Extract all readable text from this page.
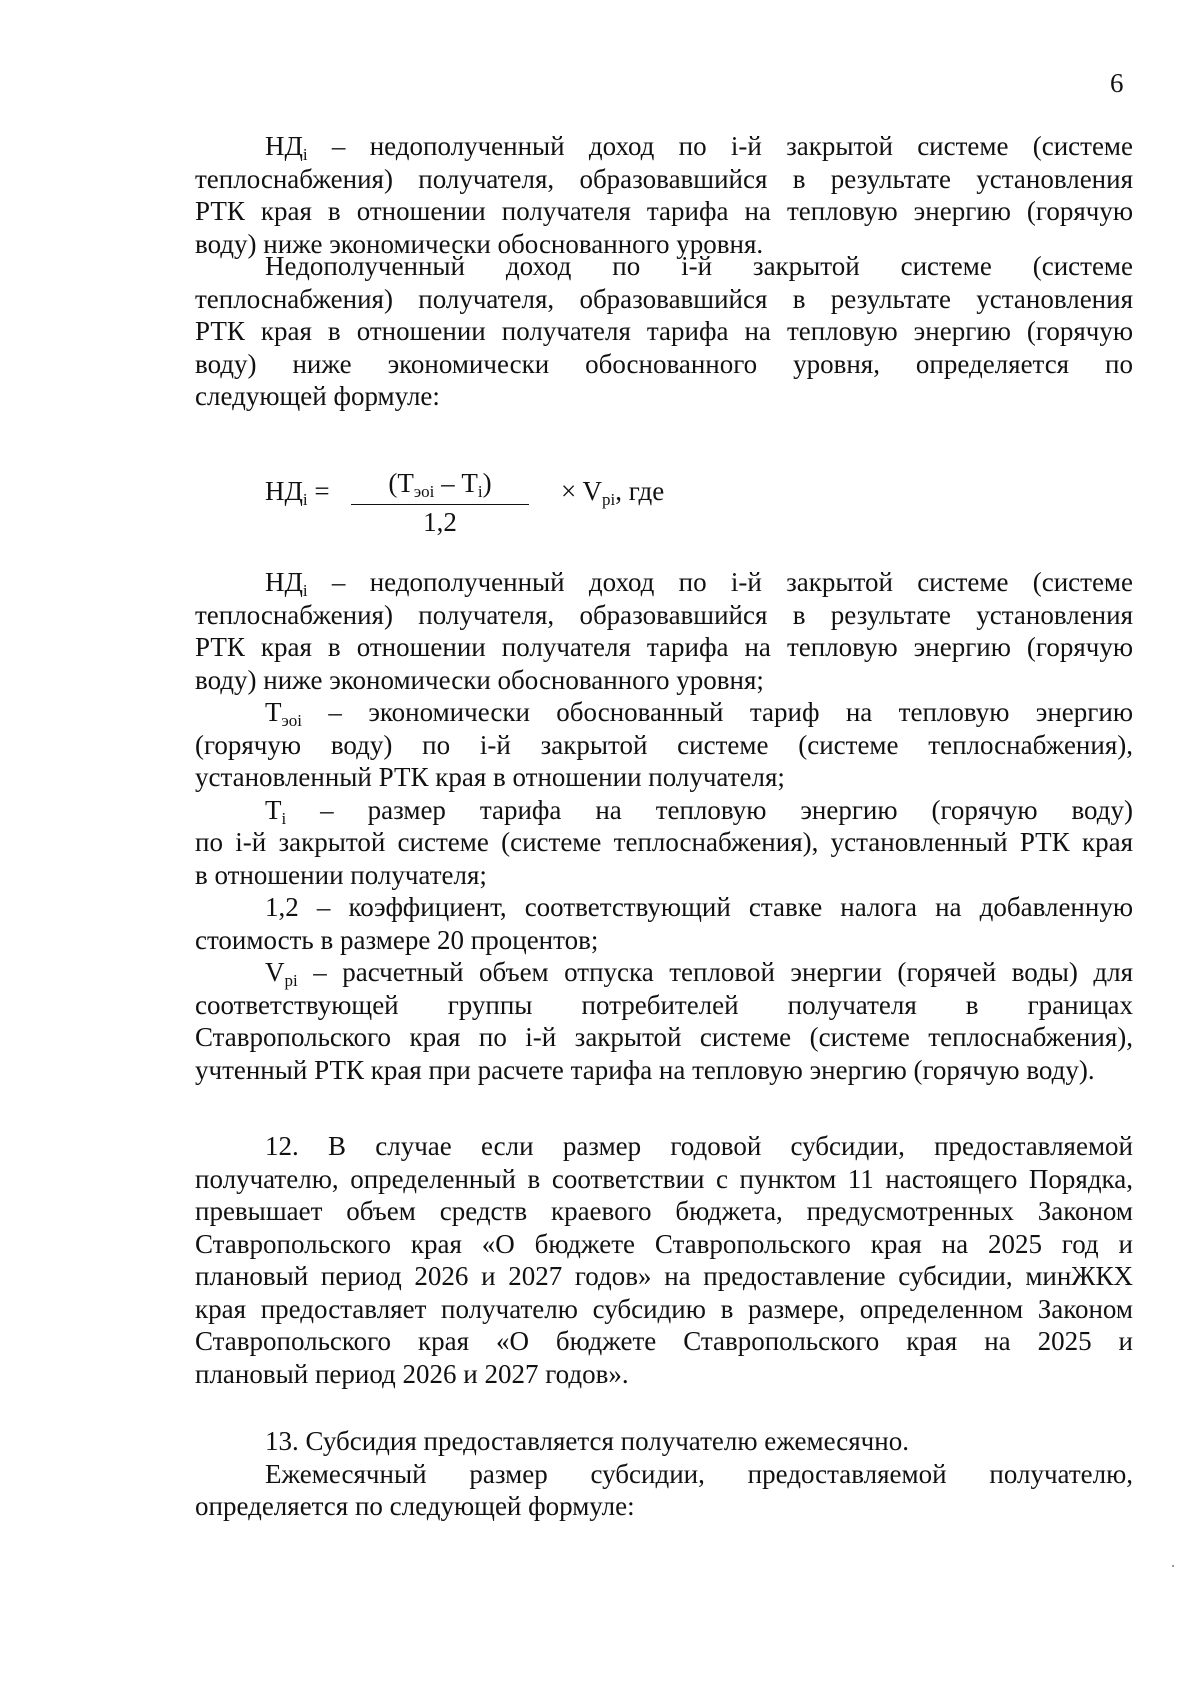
6

$НД_i$ – недополученный доход по i-й закрытой системе (системе

теплоснабжения) получателя, образовавшийся в результате установления

РТК края в отношении получателя тарифа на тепловую энергию (горячую

воду) ниже экономически обоснованного уровня.

Недополученный доход по i-й закрытой системе (системе

теплоснабжения) получателя, образовавшийся в результате установления

РТК края в отношении получателя тарифа на тепловую энергию (горячую

воду) ниже экономически обоснованного уровня, определяется по

следующей формуле:

$НД_i$ =	$(Т_{эоi} - Т_i)$
1,2
× $V_{pi}$, где

$НД_i$ – недополученный доход по i-й закрытой системе (системе

теплоснабжения) получателя, образовавшийся в результате установления

РТК края в отношении получателя тарифа на тепловую энергию (горячую

воду) ниже экономически обоснованного уровня;

$Т_{эоi}$ – экономически обоснованный тариф на тепловую энергию

(горячую воду) по i-й закрытой системе (системе теплоснабжения),

установленный РТК края в отношении получателя;

$Т_i$ – размер тарифа на тепловую энергию (горячую воду)

по i-й закрытой системе (системе теплоснабжения), установленный РТК края

в отношении получателя;

1,2 – коэффициент, соответствующий ставке налога на добавленную

стоимость в размере 20 процентов;

$V_{pi}$ – расчетный объем отпуска тепловой энергии (горячей воды) для

соответствующей группы потребителей получателя в границах

Ставропольского края по i-й закрытой системе (системе теплоснабжения),

учтенный РТК края при расчете тарифа на тепловую энергию (горячую воду).

12. В случае если размер годовой субсидии, предоставляемой

получателю, определенный в соответствии с пунктом 11 настоящего Порядка,

превышает объем средств краевого бюджета, предусмотренных Законом

Ставропольского края «О бюджете Ставропольского края на 2025 год и

плановый период 2026 и 2027 годов» на предоставление субсидии, минЖКХ

края предоставляет получателю субсидию в размере, определенном Законом

Ставропольского края «О бюджете Ставропольского края на 2025 и

плановый период 2026 и 2027 годов».

13. Субсидия предоставляется получателю ежемесячно.

Ежемесячный размер субсидии, предоставляемой получателю,

определяется по следующей формуле:
